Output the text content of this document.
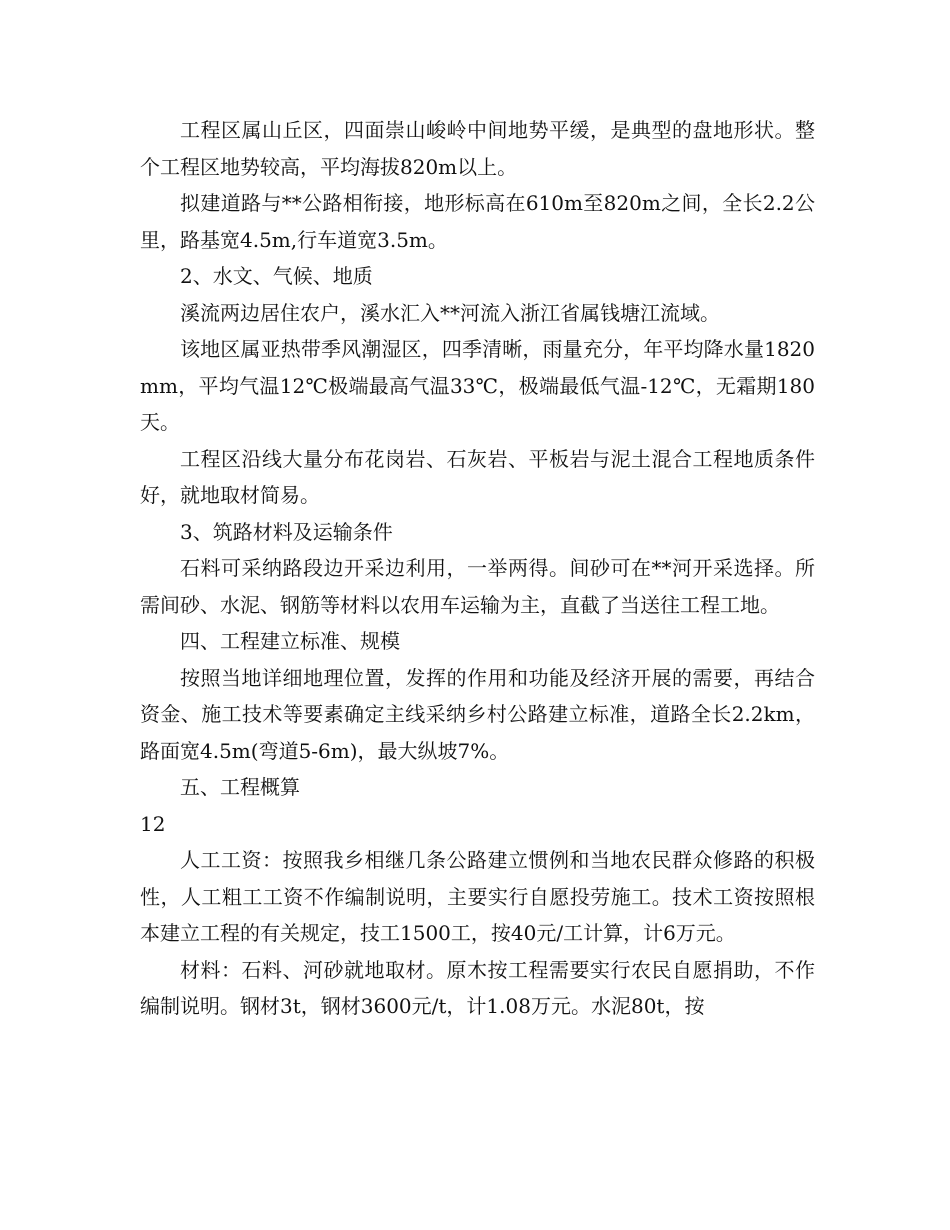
工程区属山丘区，四面崇山峻岭中间地势平缓，是典型的盘地形状。整个工程区地势较高，平均海拔820m以上。

拟建道路与**公路相衔接，地形标高在610m至820m之间，全长2.2公里，路基宽4.5m,行车道宽3.5m。

2、水文、气候、地质

溪流两边居住农户，溪水汇入**河流入浙江省属钱塘江流域。

该地区属亚热带季风潮湿区，四季清晰，雨量充分，年平均降水量1820mm，平均气温12℃极端最高气温33℃，极端最低气温-12℃，无霜期180天。

工程区沿线大量分布花岗岩、石灰岩、平板岩与泥土混合工程地质条件好，就地取材简易。

3、筑路材料及运输条件

石料可采纳路段边开采边利用，一举两得。间砂可在**河开采选择。所需间砂、水泥、钢筋等材料以农用车运输为主，直截了当送往工程工地。

四、工程建立标准、规模

按照当地详细地理位置，发挥的作用和功能及经济开展的需要，再结合资金、施工技术等要素确定主线采纳乡村公路建立标准，道路全长2.2km，路面宽4.5m(弯道5-6m)，最大纵坡7%。

五、工程概算

12

人工工资：按照我乡相继几条公路建立惯例和当地农民群众修路的积极性，人工粗工工资不作编制说明，主要实行自愿投劳施工。技术工资按照根本建立工程的有关规定，技工1500工，按40元/工计算，计6万元。

材料：石料、河砂就地取材。原木按工程需要实行农民自愿捐助，不作编制说明。钢材3t，钢材3600元/t，计1.08万元。水泥80t，按
